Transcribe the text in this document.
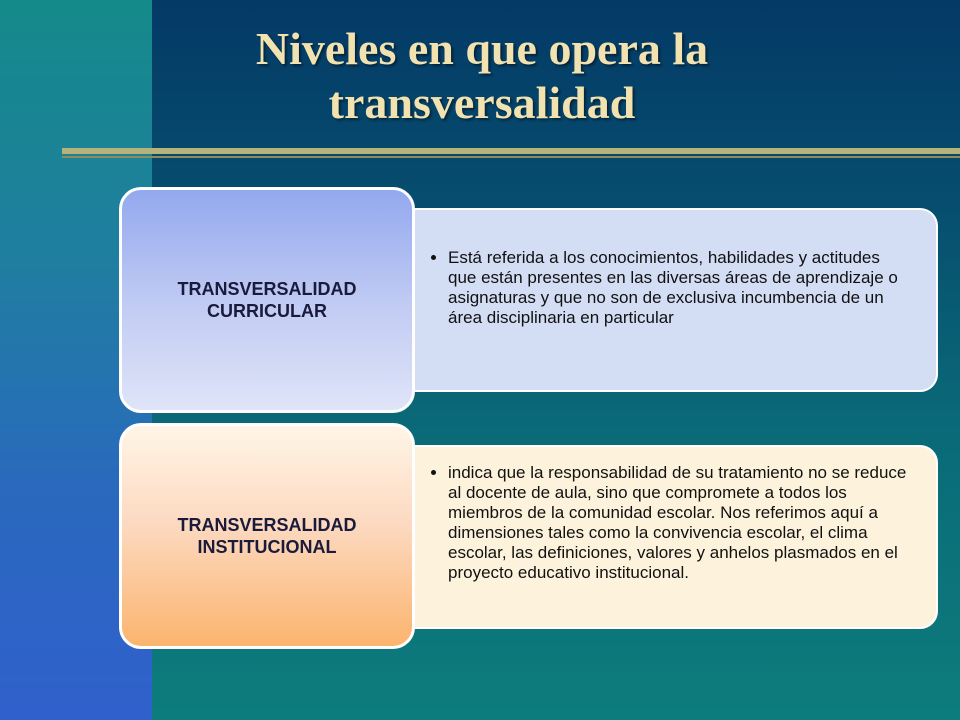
Niveles en que opera la
transversalidad
• Está referida a los conocimientos, habilidades y actitudes que están presentes en las diversas áreas de aprendizaje o asignaturas y que no son de exclusiva incumbencia de un área disciplinaria en particular
TRANSVERSALIDAD
CURRICULAR
• indica que la responsabilidad de su tratamiento no se reduce al docente de aula, sino que compromete a todos los miembros de la comunidad escolar. Nos referimos aquí a dimensiones tales como la convivencia escolar, el clima escolar, las definiciones, valores y anhelos plasmados en el proyecto educativo institucional.
TRANSVERSALIDAD
INSTITUCIONAL
